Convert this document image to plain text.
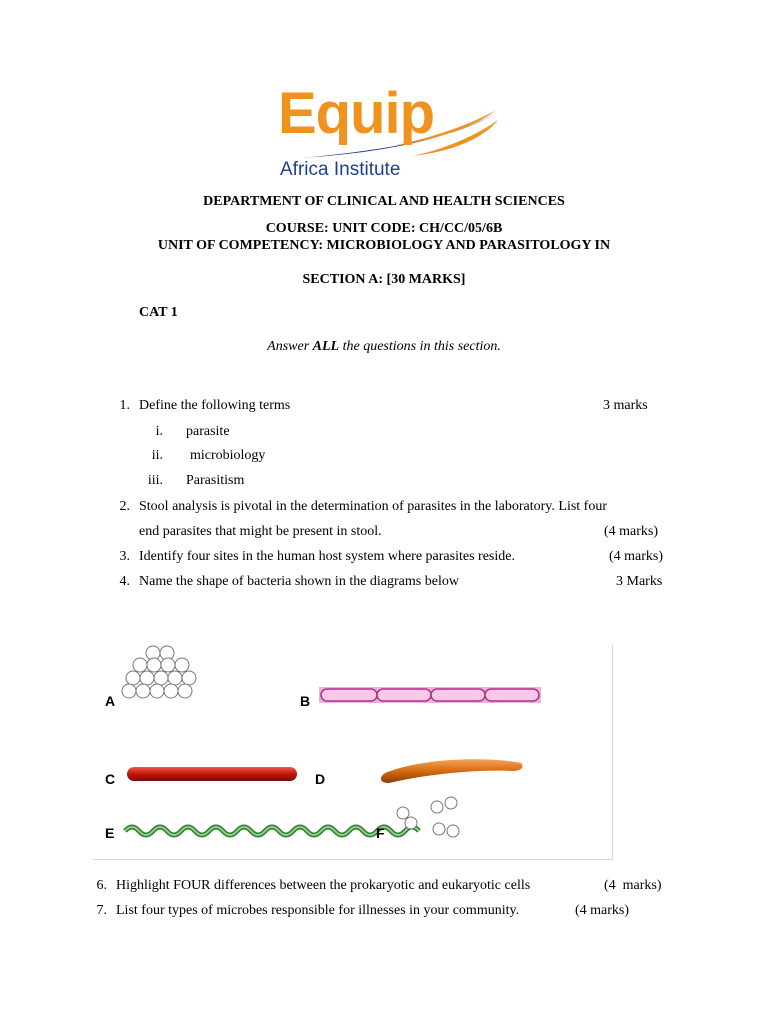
Equip
Africa Institute
DEPARTMENT OF CLINICAL AND HEALTH SCIENCES
COURSE: UNIT CODE: CH/CC/05/6B
UNIT OF COMPETENCY: MICROBIOLOGY AND PARASITOLOGY IN
SECTION A: [30 MARKS]
CAT 1
Answer ALL the questions in this section.
1. Define the following terms	3 marks
i. parasite
ii. microbiology
iii. Parasitism
2. Stool analysis is pivotal in the determination of parasites in the laboratory. List four
end parasites that might be present in stool.	(4 marks)
3. Identify four sites in the human host system where parasites reside.	(4 marks)
4. Name the shape of bacteria shown in the diagrams below	3 Marks
A	B
C	D
E	F
6. Highlight FOUR differences between the prokaryotic and eukaryotic cells	(4  marks)
7. List four types of microbes responsible for illnesses in your community.	(4 marks)
